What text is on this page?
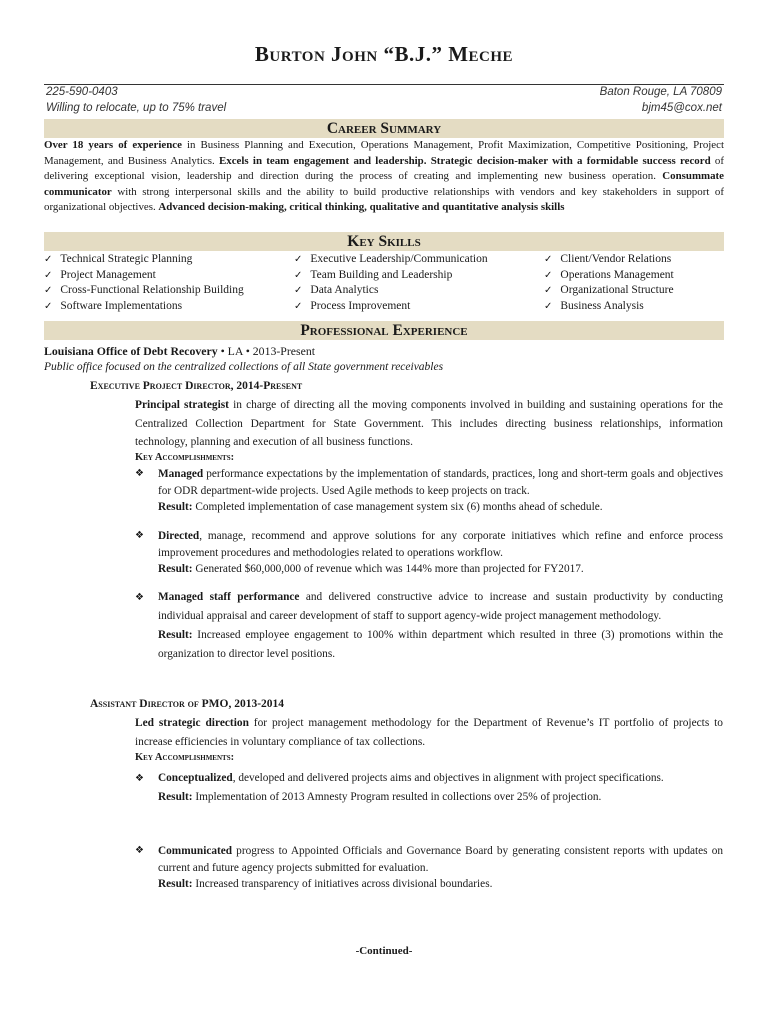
Burton John “B.J.” Meche
225-590-0403
Willing to relocate, up to 75% travel
Baton Rouge, LA 70809
bjm45@cox.net
Career Summary
Over 18 years of experience in Business Planning and Execution, Operations Management, Profit Maximization, Competitive Positioning, Project Management, and Business Analytics. Excels in team engagement and leadership. Strategic decision-maker with a formidable success record of delivering exceptional vision, leadership and direction during the process of creating and implementing new business operation. Consummate communicator with strong interpersonal skills and the ability to build productive relationships with vendors and key stakeholders in support of organizational objectives. Advanced decision-making, critical thinking, qualitative and quantitative analysis skills
Key Skills
✓ Technical Strategic Planning
✓ Project Management
✓ Cross-Functional Relationship Building
✓ Software Implementations
✓ Executive Leadership/Communication
✓ Team Building and Leadership
✓ Data Analytics
✓ Process Improvement
✓ Client/Vendor Relations
✓ Operations Management
✓ Organizational Structure
✓ Business Analysis
Professional Experience
Louisiana Office of Debt Recovery • LA • 2013-Present
Public office focused on the centralized collections of all State government receivables
Executive Project Director, 2014-Present
Principal strategist in charge of directing all the moving components involved in building and sustaining operations for the Centralized Collection Department for State Government. This includes directing business relationships, information technology, planning and execution of all business functions.
Key Accomplishments:
❖ Managed performance expectations by the implementation of standards, practices, long and short-term goals and objectives for ODR department-wide projects. Used Agile methods to keep projects on track.
Result: Completed implementation of case management system six (6) months ahead of schedule.
❖ Directed, manage, recommend and approve solutions for any corporate initiatives which refine and enforce process improvement procedures and methodologies related to operations workflow.
Result: Generated $60,000,000 of revenue which was 144% more than projected for FY2017.
❖ Managed staff performance and delivered constructive advice to increase and sustain productivity by conducting individual appraisal and career development of staff to support agency-wide project management methodology.
Result: Increased employee engagement to 100% within department which resulted in three (3) promotions within the organization to director level positions.
Assistant Director of PMO, 2013-2014
Led strategic direction for project management methodology for the Department of Revenue’s IT portfolio of projects to increase efficiencies in voluntary compliance of tax collections.
Key Accomplishments:
❖ Conceptualized, developed and delivered projects aims and objectives in alignment with project specifications.
Result: Implementation of 2013 Amnesty Program resulted in collections over 25% of projection.
❖ Communicated progress to Appointed Officials and Governance Board by generating consistent reports with updates on current and future agency projects submitted for evaluation.
Result: Increased transparency of initiatives across divisional boundaries.
-Continued-
